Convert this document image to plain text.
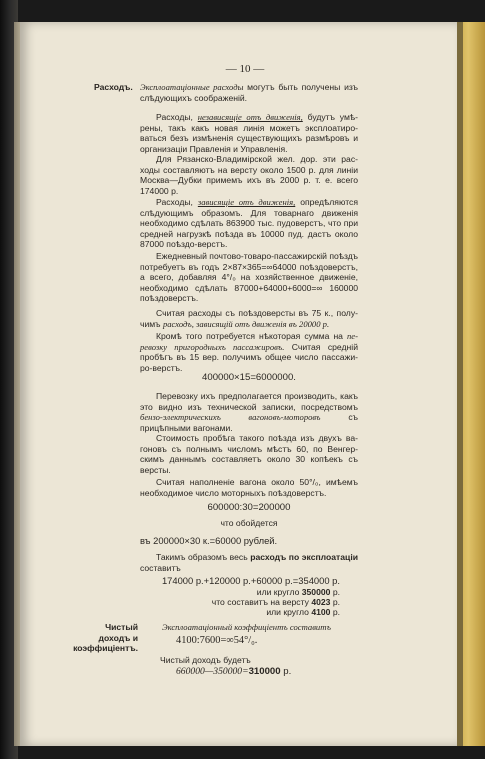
— 10 —
Расходъ. Эксплоатаціонные расходы могутъ быть получены изъ слѣдующихъ соображеній.
Расходы, независящіе отъ движенія, будутъ умѣрены, такъ какъ новая линія можетъ эксплоатироваться безъ измѣненія существующихъ размѣровъ и организаціи Правленія и Управленія.
Для Рязанско-Владимірской жел. дор. эти расходы составляютъ на версту около 1500 р. для линіи Москва—Дубки примемъ ихъ въ 2000 р. т. е. всего 174000 р.
Расходы, зависящіе отъ движенія, опредѣляются слѣдующимъ образомъ. Для товарнаго движенія необходимо сдѣлать 863900 тыс. пудоверстъ, что при средней нагрузкѣ поѣзда въ 10000 пуд. дастъ около 87000 поѣздо-верстъ.
Ежедневный почтово-товаро-пассажирскій поѣздъ потребуетъ въ годъ 2×87×365=∞64000 поѣздоверстъ, а всего, добавляя 4°/₀ на хозяйственное движеніе, необходимо сдѣлать 87000+64000+6000=∞ 160000 поѣздоверстъ.
Считая расходы съ поѣздоверсты въ 75 к., получимъ расходъ, зависящій отъ движенія въ 20000 р.
Кромѣ того потребуется нѣкоторая сумма на перевозку пригородныхъ пассажировъ. Считая средній пробѣгъ въ 15 вер. получимъ общее число пассажиро-верстъ.
400000×15=6000000.
Перевозку ихъ предполагается производить, какъ это видно изъ технической записки, посредствомъ бензо-электрическихъ вагоновъ-моторовъ съ прицѣпными вагонами.
Стоимость пробѣга такого поѣзда изъ двухъ вагоновъ съ полнымъ числомъ мѣстъ 60, по Венгерскимъ даннымъ составляетъ около 30 копѣекъ съ версты.
Считая наполненіе вагона около 50°/₀, имѣемъ необходимое число моторныхъ поѣздоверстъ.
600000:30=200000
что обойдется
въ 200000×30 к.=60000 рублей.
Такимъ образомъ весь расходъ по эксплоатаціи составитъ
174000 р.+120000 р.+60000 р.=354000 р.
или кругло 350000 р.
что составитъ на версту 4023 р.
или кругло 4100 р.
Чистый доходъ и коэффиціентъ.
Эксплоатаціонный коэффиціентъ составитъ
4100:7600=∞54°/₀.
Чистый доходъ будетъ
660000—350000=310000 р.
